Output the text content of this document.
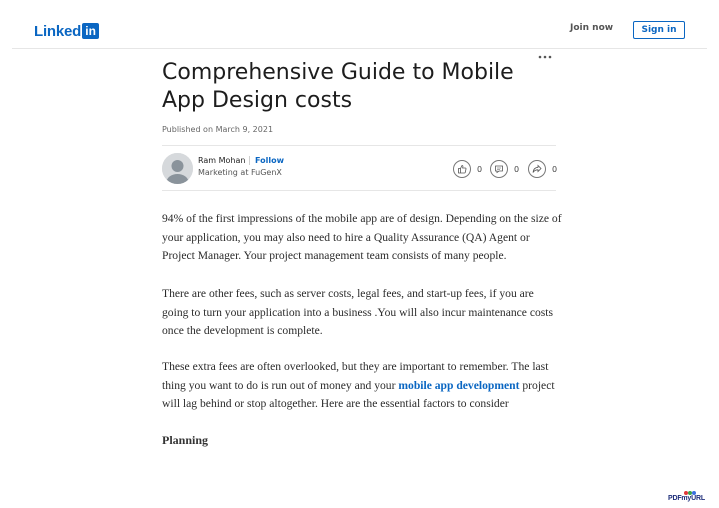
Linked in	Join now	Sign in
Comprehensive Guide to Mobile App Design costs
Published on March 9, 2021
Ram Mohan Follow
Marketing at FuGenX	0	0	0

94% of the first impressions of the mobile app are of design. Depending on the size of your application, you may also need to hire a Quality Assurance (QA) Agent or Project Manager. Your project management team consists of many people.

There are other fees, such as server costs, legal fees, and start-up fees, if you are going to turn your application into a business .You will also incur maintenance costs once the development is complete.

These extra fees are often overlooked, but they are important to remember. The last thing you want to do is run out of money and your mobile app development project will lag behind or stop altogether. Here are the essential factors to consider

Planning
PDFmyURL
